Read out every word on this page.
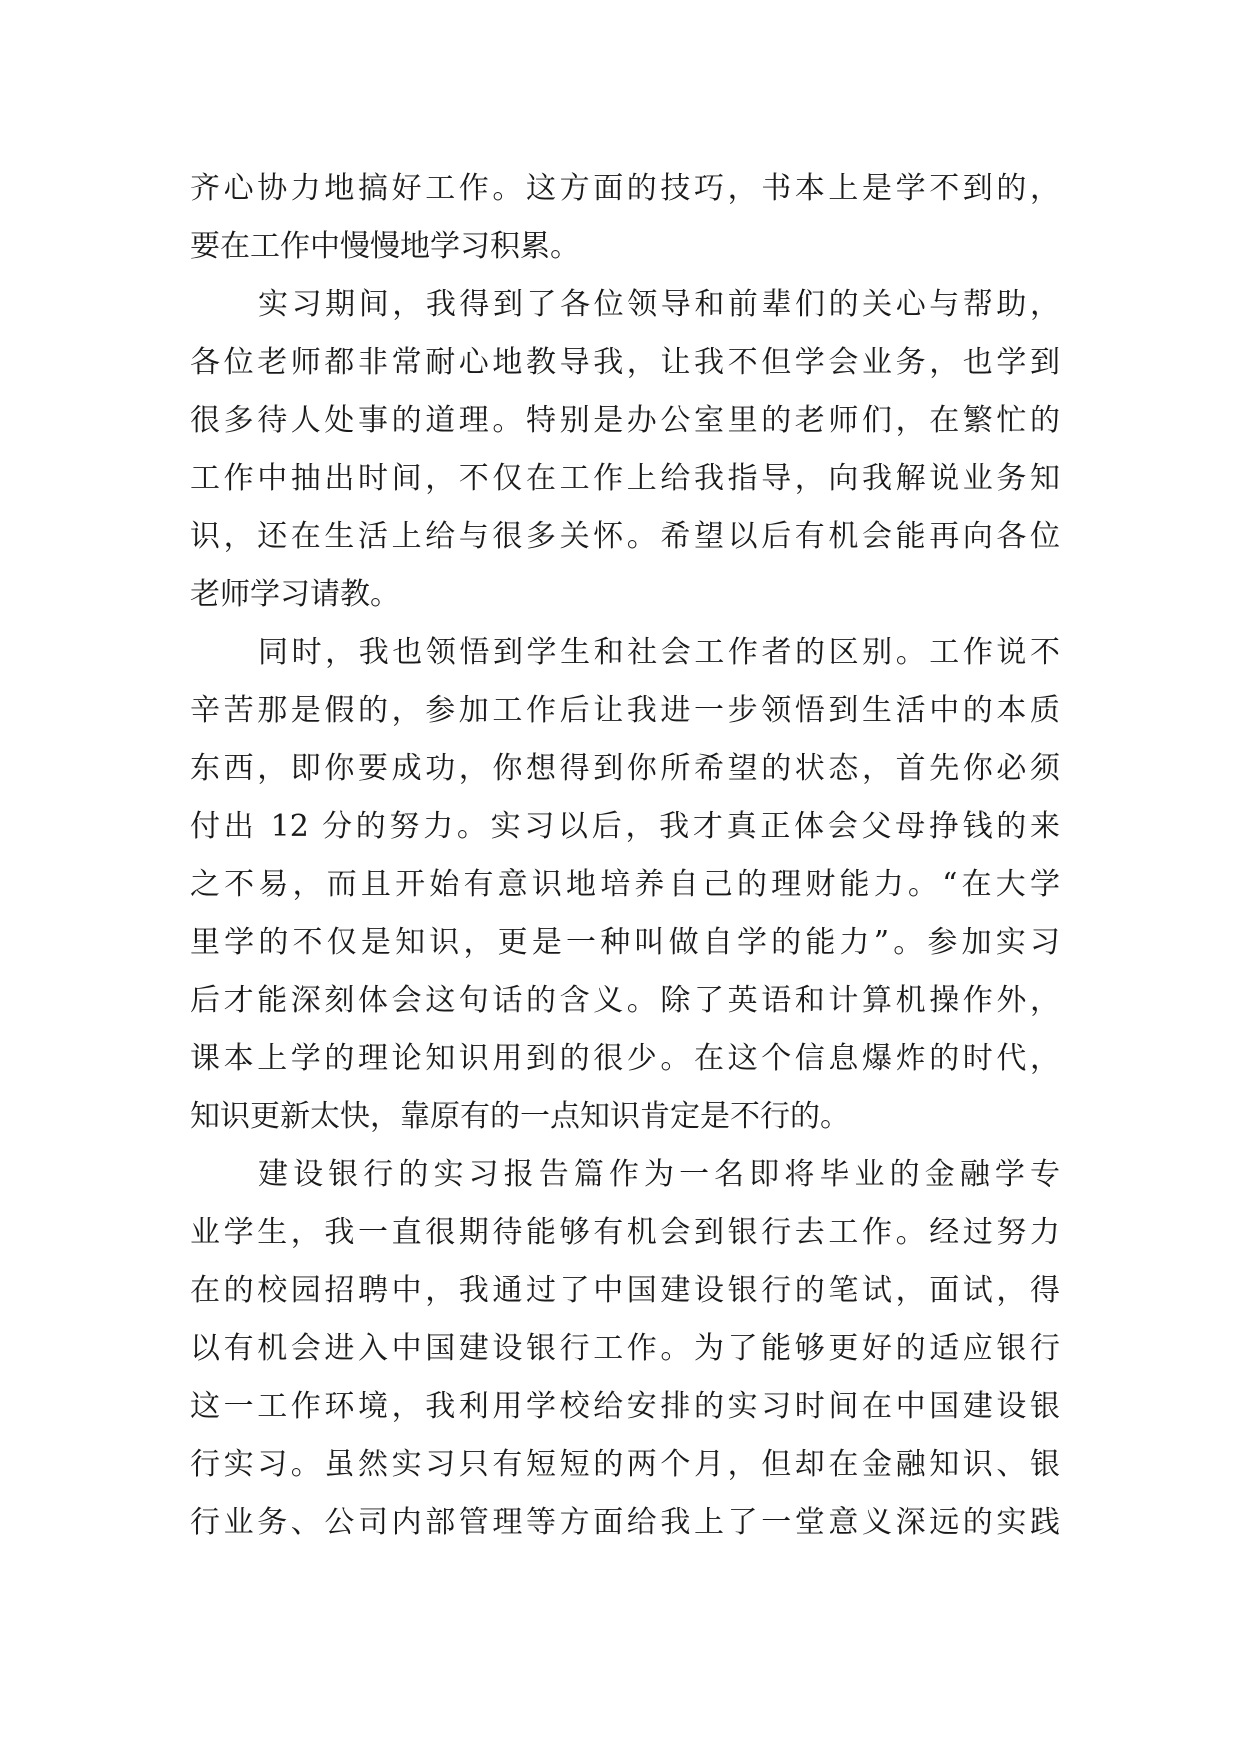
齐心协力地搞好工作。这方面的技巧，书本上是学不到的，
要在工作中慢慢地学习积累。
实习期间，我得到了各位领导和前辈们的关心与帮助，
各位老师都非常耐心地教导我，让我不但学会业务，也学到
很多待人处事的道理。特别是办公室里的老师们，在繁忙的
工作中抽出时间，不仅在工作上给我指导，向我解说业务知
识，还在生活上给与很多关怀。希望以后有机会能再向各位
老师学习请教。
同时，我也领悟到学生和社会工作者的区别。工作说不
辛苦那是假的，参加工作后让我进一步领悟到生活中的本质
东西，即你要成功，你想得到你所希望的状态，首先你必须
付出 12 分的努力。实习以后，我才真正体会父母挣钱的来
之不易，而且开始有意识地培养自己的理财能力。“在大学
里学的不仅是知识，更是一种叫做自学的能力”。参加实习
后才能深刻体会这句话的含义。除了英语和计算机操作外，
课本上学的理论知识用到的很少。在这个信息爆炸的时代，
知识更新太快，靠原有的一点知识肯定是不行的。
建设银行的实习报告篇作为一名即将毕业的金融学专
业学生，我一直很期待能够有机会到银行去工作。经过努力
在的校园招聘中，我通过了中国建设银行的笔试，面试，得
以有机会进入中国建设银行工作。为了能够更好的适应银行
这一工作环境，我利用学校给安排的实习时间在中国建设银
行实习。虽然实习只有短短的两个月，但却在金融知识、银
行业务、公司内部管理等方面给我上了一堂意义深远的实践
